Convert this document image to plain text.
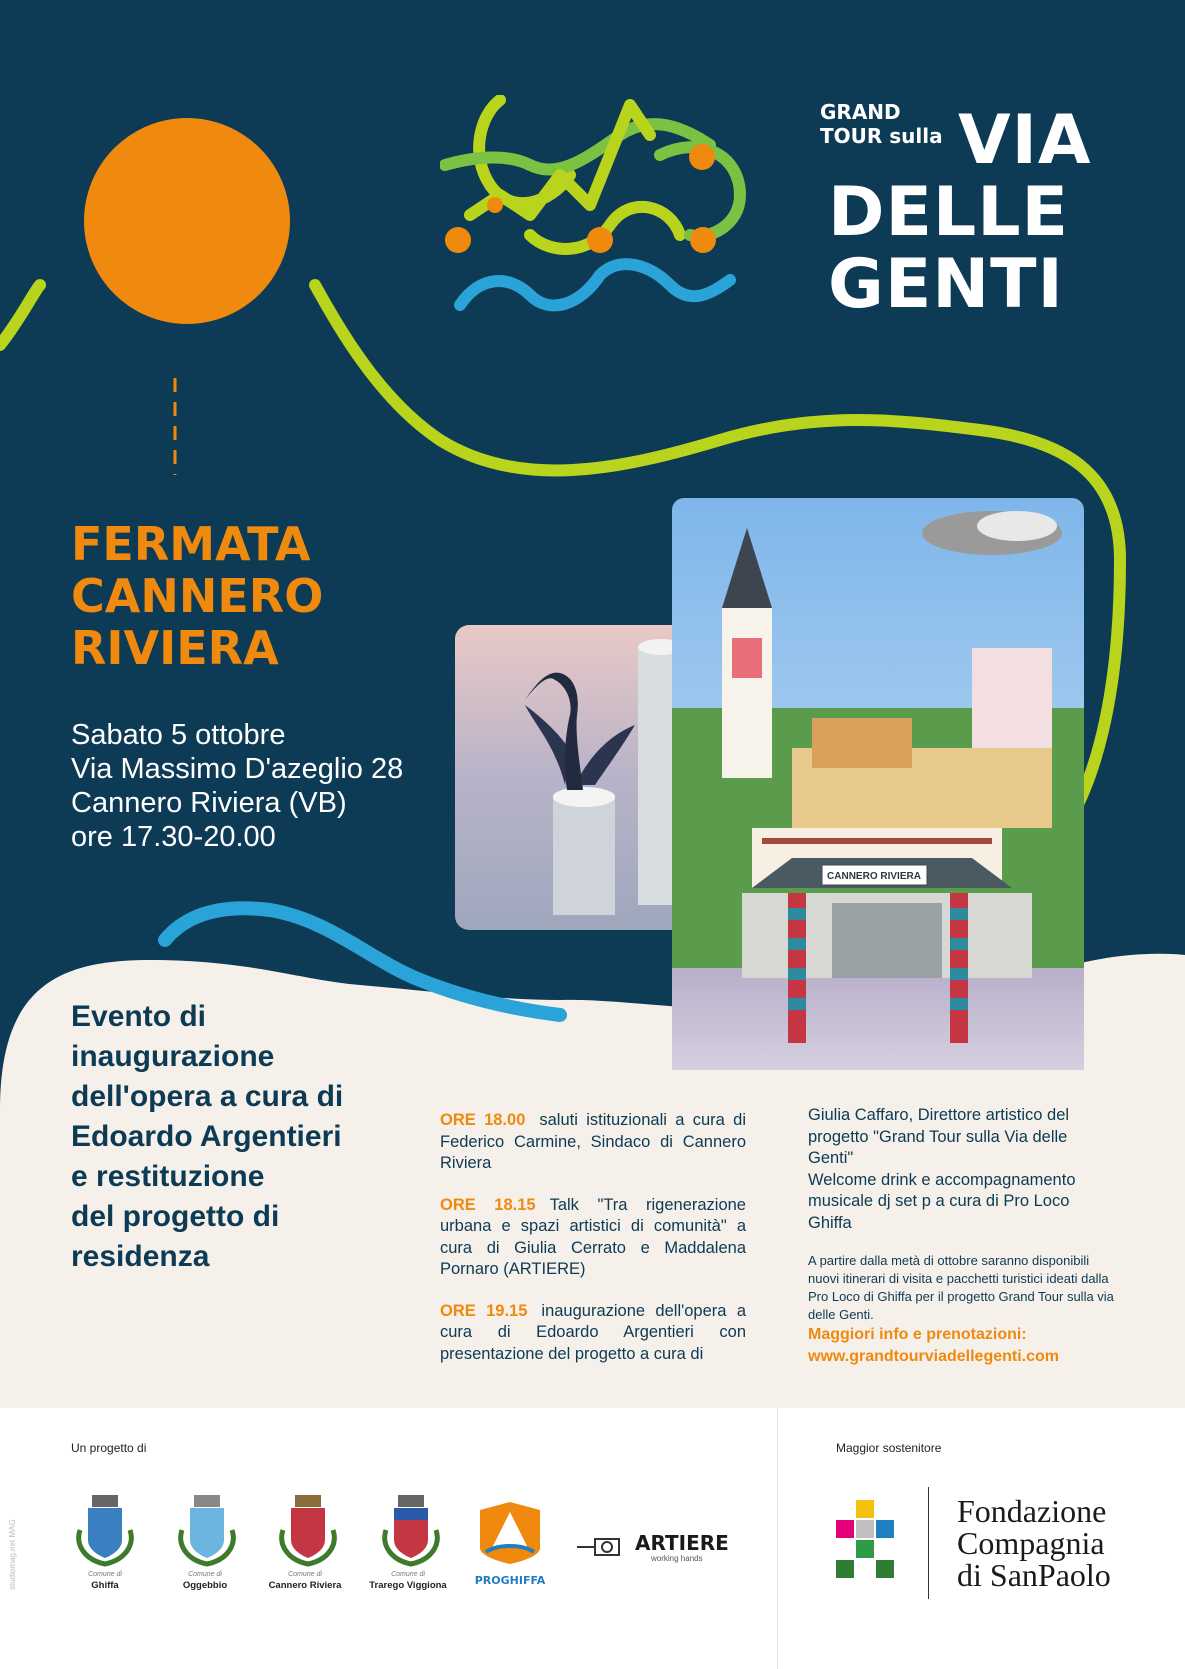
GRAND
TOUR sulla VIA
DELLE
GENTI
FERMATA
CANNERO
RIVIERA
Sabato 5 ottobre
Via Massimo D'azeglio 28
Cannero Riviera (VB)
ore 17.30-20.00
CANNERO RIVIERA
Evento di
inaugurazione
dell'opera a cura di
Edoardo Argentieri
e restituzione
del progetto di
residenza

ORE 18.00 saluti istituzionali a cura di Federico Carmine, Sindaco di Cannero Riviera

ORE 18.15 Talk "Tra rigenerazione urbana e spazi artistici di comunità" a cura di Giulia Cerrato e Maddalena Pornaro (ARTIERE)

ORE 19.15 inaugurazione dell'opera a cura di Edoardo Argentieri con presentazione del progetto a cura di

Giulia Caffaro, Direttore artistico del progetto "Grand Tour sulla Via delle Genti"
Welcome drink e accompagnamento musicale dj set p a cura di Pro Loco Ghiffa
A partire dalla metà di ottobre saranno disponibili nuovi itinerari di visita e pacchetti turistici ideati dalla Pro Loco di Ghiffa per il progetto Grand Tour sulla via delle Genti.
Maggiori info e prenotazioni:
www.grandtourviadellegenti.com
Un progetto di	Maggior sostenitore
Comune di
Ghiffa
Comune di
Oggebbio
Comune di
Cannero Riviera
Comune di
Trarego Viggiona	PROGHIFFA
ARTIERE
working hands
Fondazione
Compagnia
di SanPaolo
studiomag.net MAG
